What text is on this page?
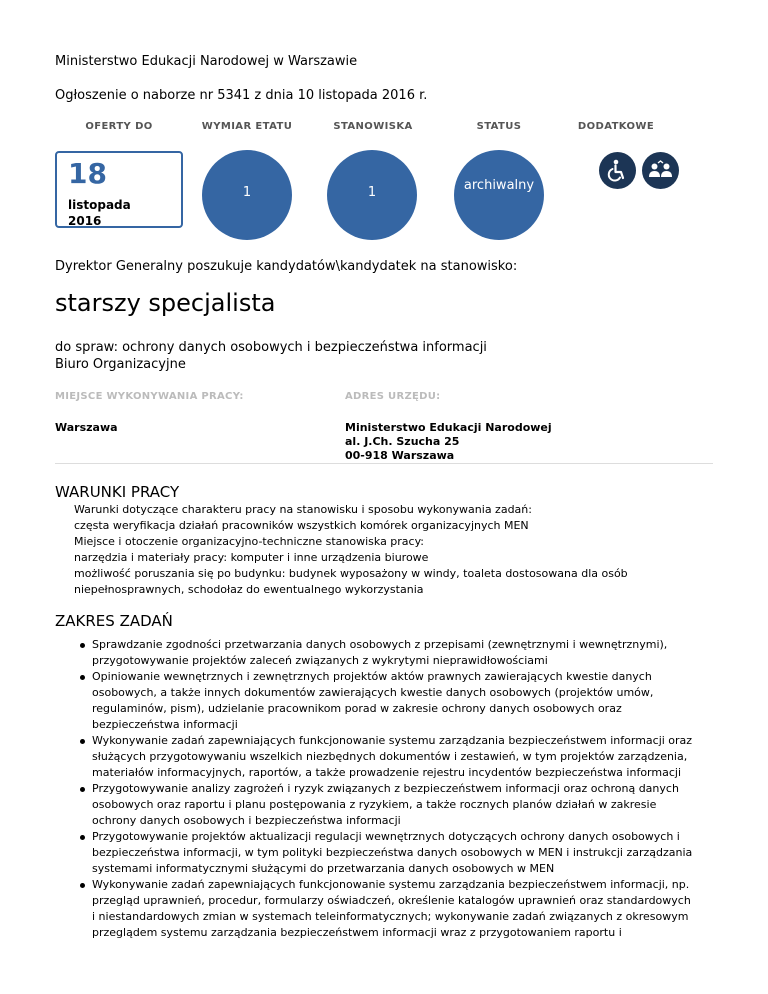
Ministerstwo Edukacji Narodowej w Warszawie
Ogłoszenie o naborze nr 5341 z dnia 10 listopada 2016 r.
OFERTY DO	WYMIAR ETATU	STANOWISKA	STATUS	DODATKOWE
18
listopada
2016
1	1	archiwalny
Dyrektor Generalny poszukuje kandydatów\kandydatek na stanowisko:
starszy specjalista
do spraw: ochrony danych osobowych i bezpieczeństwa informacji
Biuro Organizacyjne
MIEJSCE WYKONYWANIA PRACY:	ADRES URZĘDU:
Warszawa	Ministerstwo Edukacji Narodowej
al. J.Ch. Szucha 25
00-918 Warszawa
WARUNKI PRACY
Warunki dotyczące charakteru pracy na stanowisku i sposobu wykonywania zadań:
częsta weryfikacja działań pracowników wszystkich komórek organizacyjnych MEN
Miejsce i otoczenie organizacyjno-techniczne stanowiska pracy:
narzędzia i materiały pracy: komputer i inne urządzenia biurowe
możliwość poruszania się po budynku: budynek wyposażony w windy, toaleta dostosowana dla osób
niepełnosprawnych, schodołaz do ewentualnego wykorzystania
ZAKRES ZADAŃ
Sprawdzanie zgodności przetwarzania danych osobowych z przepisami (zewnętrznymi i wewnętrznymi),
przygotowywanie projektów zaleceń związanych z wykrytymi nieprawidłowościami
Opiniowanie wewnętrznych i zewnętrznych projektów aktów prawnych zawierających kwestie danych
osobowych, a także innych dokumentów zawierających kwestie danych osobowych (projektów umów,
regulaminów, pism), udzielanie pracownikom porad w zakresie ochrony danych osobowych oraz
bezpieczeństwa informacji
Wykonywanie zadań zapewniających funkcjonowanie systemu zarządzania bezpieczeństwem informacji oraz
służących przygotowywaniu wszelkich niezbędnych dokumentów i zestawień, w tym projektów zarządzenia,
materiałów informacyjnych, raportów, a także prowadzenie rejestru incydentów bezpieczeństwa informacji
Przygotowywanie analizy zagrożeń i ryzyk związanych z bezpieczeństwem informacji oraz ochroną danych
osobowych oraz raportu i planu postępowania z ryzykiem, a także rocznych planów działań w zakresie
ochrony danych osobowych i bezpieczeństwa informacji
Przygotowywanie projektów aktualizacji regulacji wewnętrznych dotyczących ochrony danych osobowych i
bezpieczeństwa informacji, w tym polityki bezpieczeństwa danych osobowych w MEN i instrukcji zarządzania
systemami informatycznymi służącymi do przetwarzania danych osobowych w MEN
Wykonywanie zadań zapewniających funkcjonowanie systemu zarządzania bezpieczeństwem informacji, np.
przegląd uprawnień, procedur, formularzy oświadczeń, określenie katalogów uprawnień oraz standardowych
i niestandardowych zmian w systemach teleinformatycznych; wykonywanie zadań związanych z okresowym
przeglądem systemu zarządzania bezpieczeństwem informacji wraz z przygotowaniem raportu i
